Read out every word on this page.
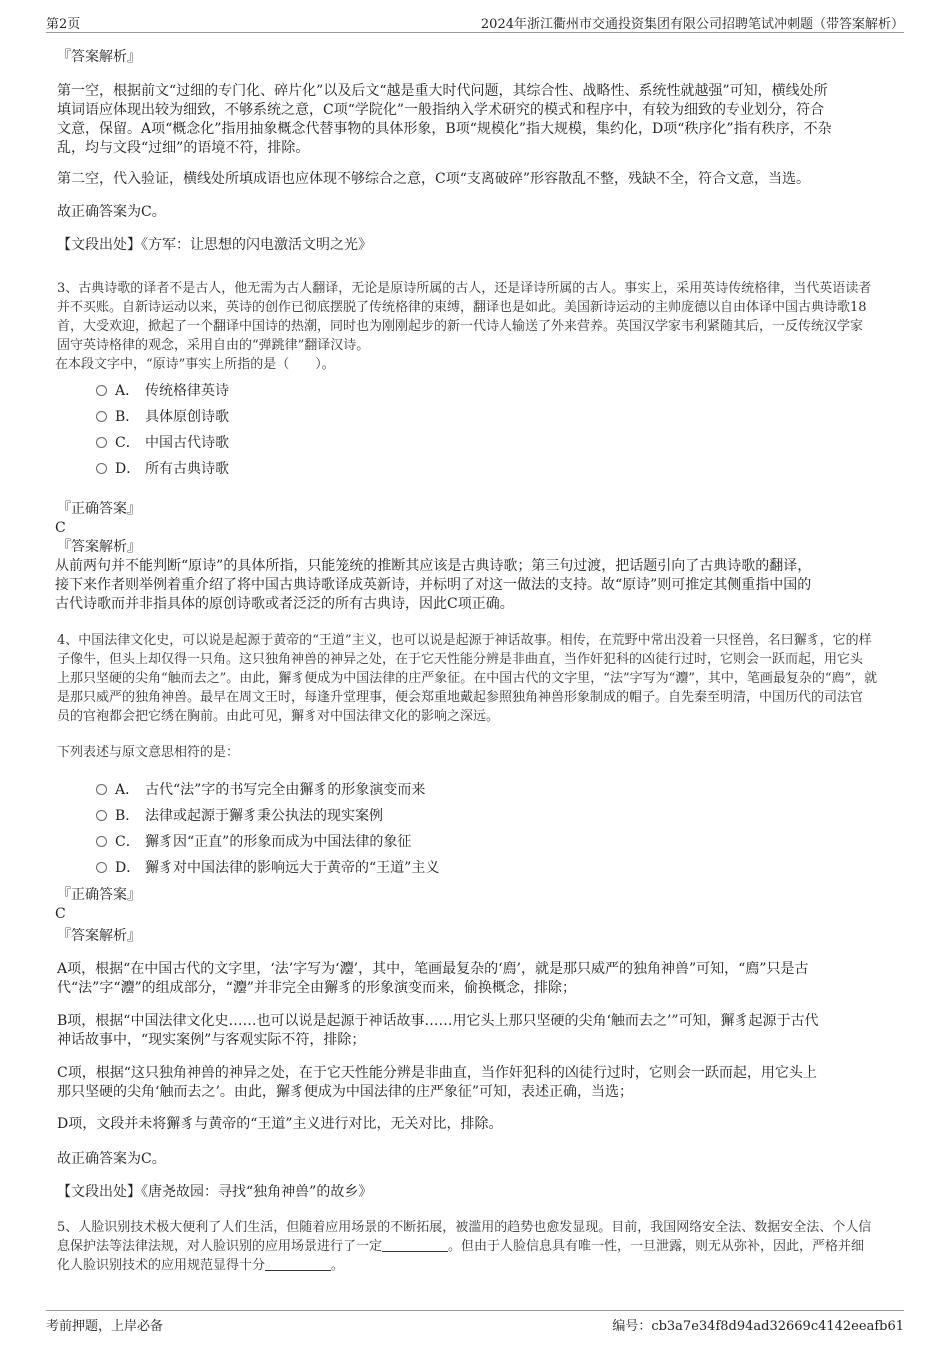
第2页	2024年浙江衢州市交通投资集团有限公司招聘笔试冲刺题（带答案解析）
『答案解析』

第一空，根据前文“过细的专门化、碎片化”以及后文“越是重大时代问题，其综合性、战略性、系统性就越强”可知，横线处所

填词语应体现出较为细致，不够系统之意，C项“学院化”一般指纳入学术研究的模式和程序中，有较为细致的专业划分，符合

文意，保留。A项“概念化”指用抽象概念代替事物的具体形象，B项“规模化”指大规模，集约化，D项“秩序化”指有秩序，不杂

乱，均与文段“过细”的语境不符，排除。

第二空，代入验证，横线处所填成语也应体现不够综合之意，C项“支离破碎”形容散乱不整，残缺不全，符合文意，当选。

故正确答案为C。

【文段出处】《方军：让思想的闪电激活文明之光》

3、古典诗歌的译者不是古人，他无需为古人翻译，无论是原诗所属的古人，还是译诗所属的古人。事实上，采用英诗传统格律，当代英语读者

并不买账。自新诗运动以来，英诗的创作已彻底摆脱了传统格律的束缚，翻译也是如此。美国新诗运动的主帅庞德以自由体译中国古典诗歌18

首，大受欢迎，掀起了一个翻译中国诗的热潮，同时也为刚刚起步的新一代诗人输送了外来营养。英国汉学家韦利紧随其后，一反传统汉学家

固守英诗格律的观念，采用自由的“弹跳律”翻译汉诗。

在本段文字中，“原诗”事实上所指的是（　　）。

A． 传统格律英诗
B． 具体原创诗歌
C． 中国古代诗歌
D． 所有古典诗歌
『正确答案』
C
『答案解析』

从前两句并不能判断“原诗”的具体所指，只能笼统的推断其应该是古典诗歌；第三句过渡，把话题引向了古典诗歌的翻译，

接下来作者则举例着重介绍了将中国古典诗歌译成英新诗，并标明了对这一做法的支持。故“原诗”则可推定其侧重指中国的

古代诗歌而并非指具体的原创诗歌或者泛泛的所有古典诗，因此C项正确。

4、中国法律文化史，可以说是起源于黄帝的“王道”主义，也可以说是起源于神话故事。相传，在荒野中常出没着一只怪兽，名曰獬豸，它的样

子像牛，但头上却仅得一只角。这只独角神兽的神异之处，在于它天性能分辨是非曲直，当作奸犯科的凶徒行过时，它则会一跃而起，用它头

上那只坚硬的尖角“触而去之”。由此，獬豸便成为中国法律的庄严象征。在中国古代的文字里，“法”字写为“灋”，其中，笔画最复杂的“廌”，就

是那只威严的独角神兽。最早在周文王时，每逢升堂理事，便会郑重地戴起参照独角神兽形象制成的帽子。自先秦至明清，中国历代的司法官

员的官袍都会把它绣在胸前。由此可见，獬豸对中国法律文化的影响之深远。

下列表述与原文意思相符的是：

A． 古代“法”字的书写完全由獬豸的形象演变而来
B． 法律或起源于獬豸秉公执法的现实案例
C． 獬豸因“正直”的形象而成为中国法律的象征
D． 獬豸对中国法律的影响远大于黄帝的“王道”主义
『正确答案』
C
『答案解析』

A项，根据“在中国古代的文字里，‘法’字写为‘灋’，其中，笔画最复杂的‘廌’，就是那只威严的独角神兽”可知，“廌”只是古

代“法”字“灋”的组成部分，“灋”并非完全由獬豸的形象演变而来，偷换概念，排除；

B项，根据“中国法律文化史……也可以说是起源于神话故事……用它头上那只坚硬的尖角‘触而去之’”可知，獬豸起源于古代

神话故事中，“现实案例”与客观实际不符，排除；

C项，根据“这只独角神兽的神异之处，在于它天性能分辨是非曲直，当作奸犯科的凶徒行过时，它则会一跃而起，用它头上

那只坚硬的尖角‘触而去之’。由此，獬豸便成为中国法律的庄严象征”可知，表述正确，当选；

D项，文段并未将獬豸与黄帝的“王道”主义进行对比，无关对比，排除。

故正确答案为C。

【文段出处】《唐尧故园：寻找“独角神兽”的故乡》

5、人脸识别技术极大便利了人们生活，但随着应用场景的不断拓展，被滥用的趋势也愈发显现。目前，我国网络安全法、数据安全法、个人信

息保护法等法律法规，对人脸识别的应用场景进行了一定	。但由于人脸信息具有唯一性，一旦泄露，则无从弥补，因此，严格并细

化人脸识别技术的应用规范显得十分	。

考前押题，上岸必备	编号：cb3a7e34f8d94ad32669c4142eeafb61
